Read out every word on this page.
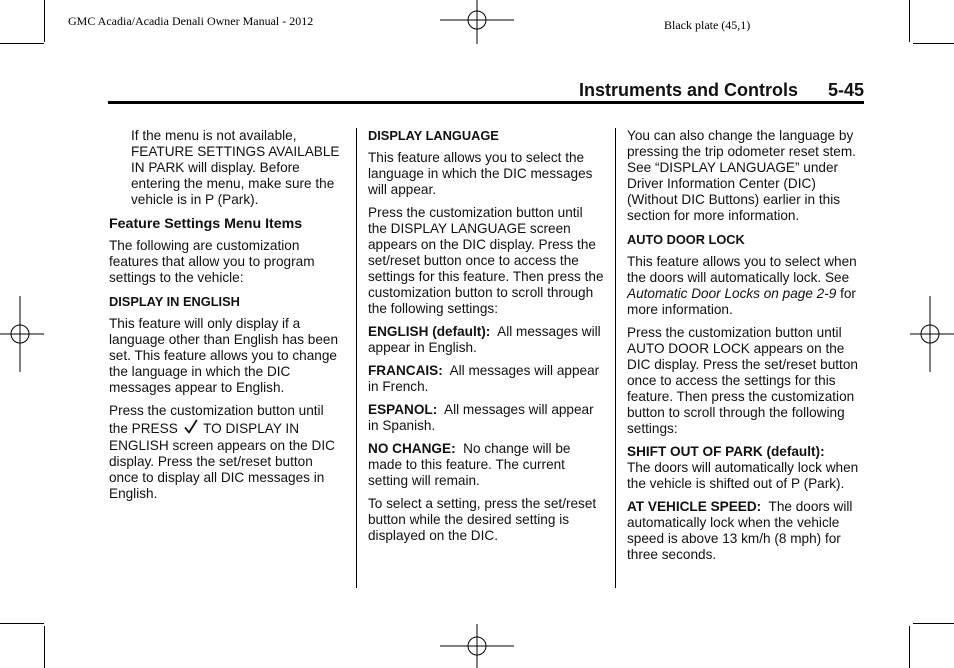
GMC Acadia/Acadia Denali Owner Manual - 2012	Black plate (45,1)
Instruments and Controls 5-45

If the menu is not available, FEATURE SETTINGS AVAILABLE IN PARK will display. Before entering the menu, make sure the vehicle is in P (Park).

Feature Settings Menu Items

The following are customization features that allow you to program settings to the vehicle:

DISPLAY IN ENGLISH

This feature will only display if a language other than English has been set. This feature allows you to change the language in which the DIC messages appear to English.

Press the customization button until the PRESS TO DISPLAY IN ENGLISH screen appears on the DIC display. Press the set/reset button once to display all DIC messages in English.

DISPLAY LANGUAGE

This feature allows you to select the language in which the DIC messages will appear.

Press the customization button until the DISPLAY LANGUAGE screen appears on the DIC display. Press the set/reset button once to access the settings for this feature. Then press the customization button to scroll through the following settings:

ENGLISH (default): All messages will appear in English.

FRANCAIS: All messages will appear in French.

ESPANOL: All messages will appear in Spanish.

NO CHANGE: No change will be made to this feature. The current setting will remain.

To select a setting, press the set/reset button while the desired setting is displayed on the DIC.

You can also change the language by pressing the trip odometer reset stem. See “DISPLAY LANGUAGE” under Driver Information Center (DIC) (Without DIC Buttons) earlier in this section for more information.

AUTO DOOR LOCK

This feature allows you to select when the doors will automatically lock. See Automatic Door Locks on page 2-9 for more information.

Press the customization button until AUTO DOOR LOCK appears on the DIC display. Press the set/reset button once to access the settings for this feature. Then press the customization button to scroll through the following settings:

SHIFT OUT OF PARK (default):
The doors will automatically lock when the vehicle is shifted out of P (Park).

AT VEHICLE SPEED: The doors will automatically lock when the vehicle speed is above 13 km/h (8 mph) for three seconds.
